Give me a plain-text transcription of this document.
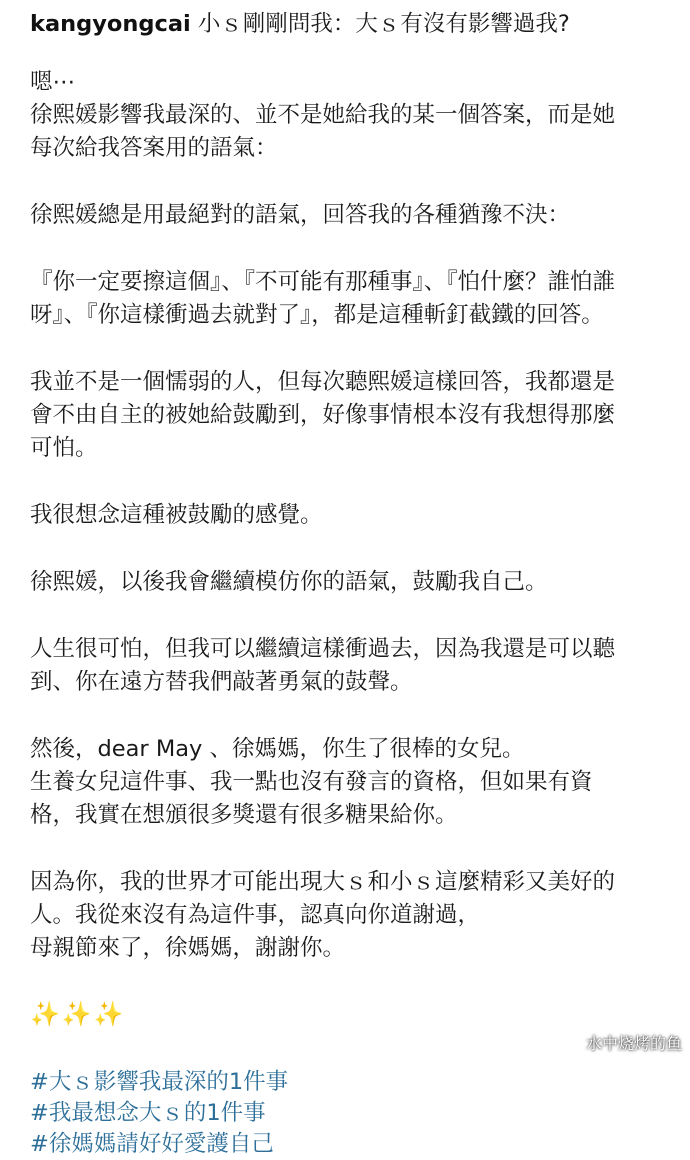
kangyongcai 小ｓ剛剛問我：大ｓ有沒有影響過我?
嗯⋯
徐熙媛影響我最深的、並不是她給我的某一個答案，而是她
每次給我答案用的語氣：
徐熙媛總是用最絕對的語氣，回答我的各種猶豫不決：
『你一定要擦這個』、『不可能有那種事』、『怕什麼？誰怕誰
呀』、『你這樣衝過去就對了』，都是這種斬釘截鐵的回答。
我並不是一個懦弱的人，但每次聽熙媛這樣回答，我都還是
會不由自主的被她給鼓勵到，好像事情根本沒有我想得那麼
可怕。
我很想念這種被鼓勵的感覺。
徐熙媛，以後我會繼續模仿你的語氣，鼓勵我自己。
人生很可怕，但我可以繼續這樣衝過去，因為我還是可以聽
到、你在遠方替我們敲著勇氣的鼓聲。
然後，dear May 、徐媽媽，你生了很棒的女兒。
生養女兒這件事、我一點也沒有發言的資格，但如果有資
格，我實在想頒很多獎還有很多糖果給你。
因為你，我的世界才可能出現大ｓ和小ｓ這麼精彩又美好的
人。我從來沒有為這件事，認真向你道謝過，
母親節來了，徐媽媽，謝謝你。
✨✨✨
#大ｓ影響我最深的1件事
#我最想念大ｓ的1件事
#徐媽媽請好好愛護自己
水中烧烤的鱼
